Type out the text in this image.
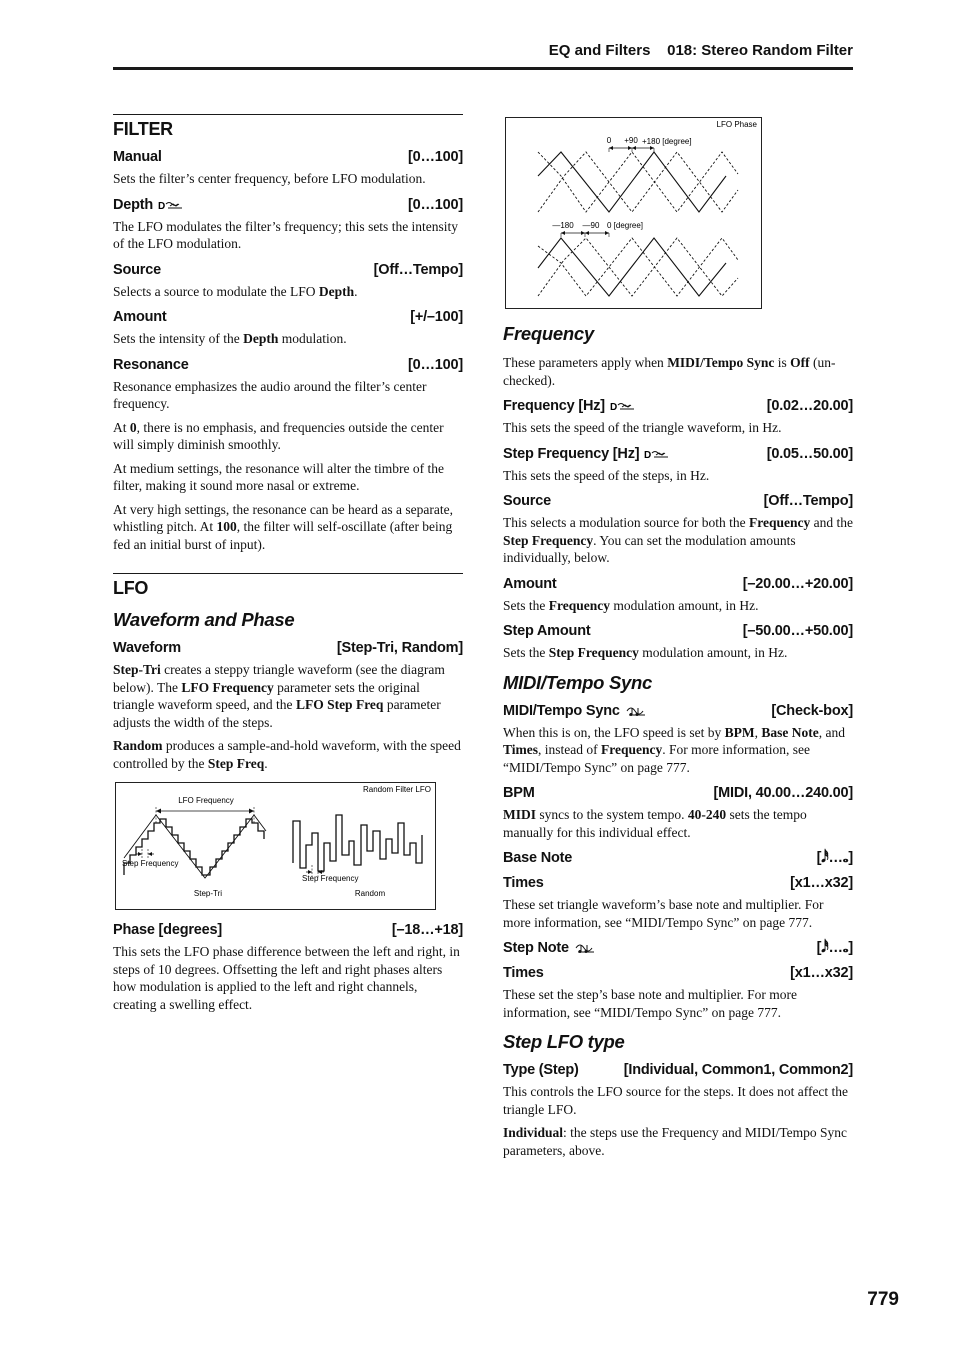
EQ and Filters 018: Stereo Random Filter
FILTER
Manual	[0…100]

Sets the filter’s center frequency, before LFO modulation.

Depth D	[0…100]

The LFO modulates the filter’s frequency; this sets the intensity of the LFO modulation.

Source	[Off…Tempo]

Selects a source to modulate the LFO Depth.

Amount	[+/–100]

Sets the intensity of the Depth modulation.

Resonance	[0…100]

Resonance emphasizes the audio around the filter’s center frequency.

At 0, there is no emphasis, and frequencies outside the center will simply diminish smoothly.

At medium settings, the resonance will alter the timbre of the filter, making it sound more nasal or extreme.

At very high settings, the resonance can be heard as a separate, whistling pitch. At 100, the filter will self-oscillate (after being fed an initial burst of input).

LFO
Waveform and Phase
Waveform	[Step-Tri, Random]

Step-Tri creates a steppy triangle waveform (see the diagram below). The LFO Frequency parameter sets the original triangle waveform speed, and the LFO Step Freq parameter adjusts the width of the steps.

Random produces a sample-and-hold waveform, with the speed controlled by the Step Freq.

Random Filter LFO
LFO Frequency
Step Frequency
Step Frequency
Step-Tri	Random
Phase [degrees]	[–18…+18]

This sets the LFO phase difference between the left and right, in steps of 10 degrees. Offsetting the left and right phases alters how modulation is applied to the left and right channels, creating a swelling effect.

LFO Phase
0 +90 +180 [degree]
—180 —90 0 [degree]
Frequency

These parameters apply when MIDI/Tempo Sync is Off (un-checked).

Frequency [Hz] D	[0.02…20.00]

This sets the speed of the triangle waveform, in Hz.

Step Frequency [Hz] D	[0.05…50.00]

This sets the speed of the steps, in Hz.

Source	[Off…Tempo]

This selects a modulation source for both the Frequency and the Step Frequency. You can set the modulation amounts individually, below.

Amount	[–20.00…+20.00]

Sets the Frequency modulation amount, in Hz.

Step Amount	[–50.00…+50.00]

Sets the Step Frequency modulation amount, in Hz.

MIDI/Tempo Sync
MIDI/Tempo Sync	[Check-box]

When this is on, the LFO speed is set by BPM, Base Note, and Times, instead of Frequency. For more information, see “MIDI/Tempo Sync” on page 777.

BPM	[MIDI, 40.00…240.00]

MIDI syncs to the system tempo. 40-240 sets the tempo manually for this individual effect.

Base Note	[𝅘𝅥𝅰…𝅝]
Times	[x1…x32]

These set triangle waveform’s base note and multiplier. For more information, see “MIDI/Tempo Sync” on page 777.

Step Note	[𝅘𝅥𝅰…𝅝]
Times	[x1…x32]

These set the step’s base note and multiplier. For more information, see “MIDI/Tempo Sync” on page 777.

Step LFO type
Type (Step)	[Individual, Common1, Common2]

This controls the LFO source for the steps. It does not affect the triangle LFO.

Individual: the steps use the Frequency and MIDI/Tempo Sync parameters, above.

779
